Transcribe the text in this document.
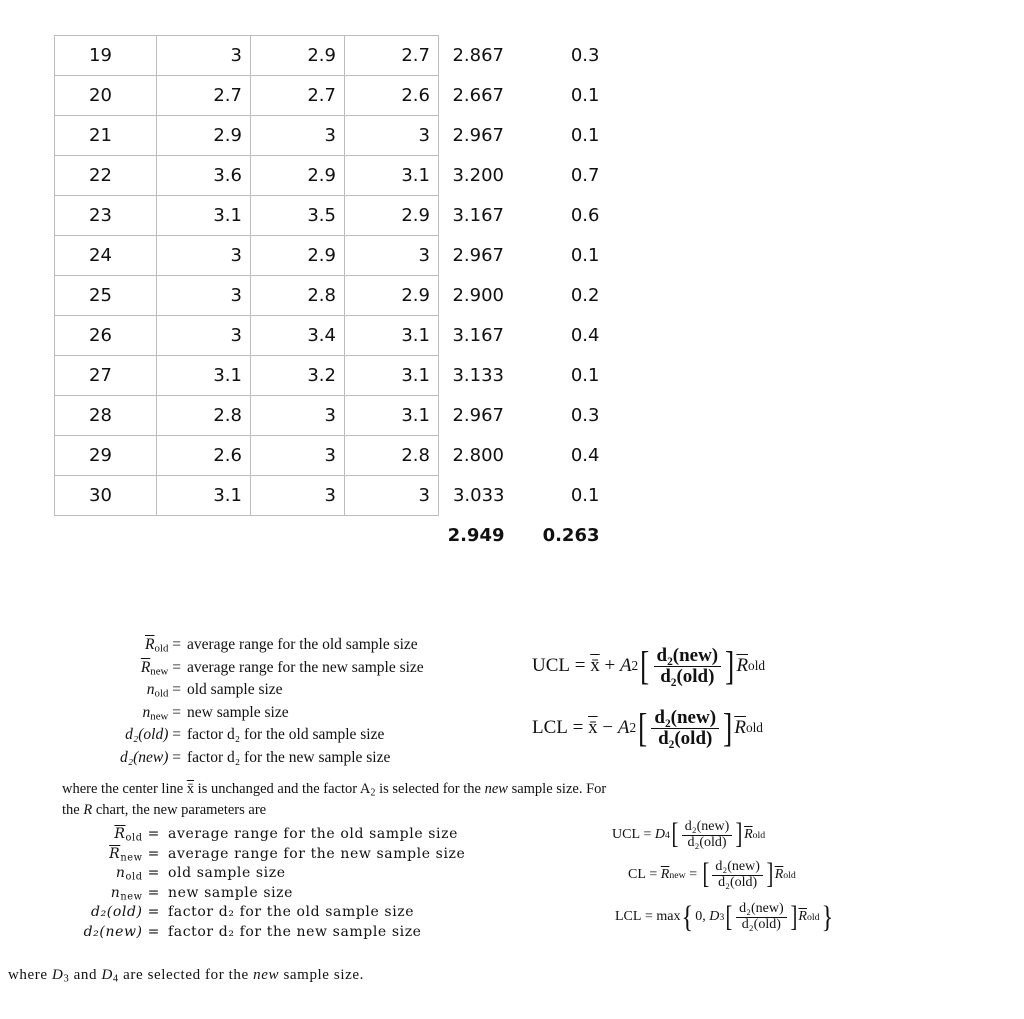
19	3	2.9	2.7	2.867	0.3
20	2.7	2.7	2.6	2.667	0.1
21	2.9	3	3	2.967	0.1
22	3.6	2.9	3.1	3.200	0.7
23	3.1	3.5	2.9	3.167	0.6
24	3	2.9	3	2.967	0.1
25	3	2.8	2.9	2.900	0.2
26	3	3.4	3.1	3.167	0.4
27	3.1	3.2	3.1	3.133	0.1
28	2.8	3	3.1	2.967	0.3
29	2.6	3	2.8	2.800	0.4
30	3.1	3	3	3.033	0.1
				2.949	0.263
$\overline{R}_{old}$ = average range for the old sample size
$\overline{R}_{new}$ = average range for the new sample size
$n_{old}$ = old sample size
$n_{new}$ = new sample size
d₂(old) = factor d₂ for the old sample size
d₂(new) = factor d₂ for the new sample size
UCL = x̄
+
A 2 [ $\frac{\text{d₂(new)}}{\text{d₂(old)}}$ ] $\overline{R}$ old
LCL = x̄
−
A 2 [ $\frac{\text{d₂(new)}}{\text{d₂(old)}}$ ] $\overline{R}$ old
where the center line x̄ is unchanged and the factor $A_2$ is selected for the new sample size. For
the R chart, the new parameters are
$\overline{R}_{old}$ = average range for the old sample size
$\overline{R}_{new}$ = average range for the new sample size
$n_{old}$ = old sample size
$n_{new}$ = new sample size
d₂(old) = factor d₂ for the old sample size
d₂(new) = factor d₂ for the new sample size
UCL = D 4 [ $\frac{\text{d₂(new)}}{\text{d₂(old)}}$ ] $\overline{R}$ old
CL = $\overline{R}$ new = [ $\frac{\text{d₂(new)}}{\text{d₂(old)}}$ ] $\overline{R}$ old
LCL = max { 0,
D 3 [ $\frac{\text{d₂(new)}}{\text{d₂(old)}}$ ] $\overline{R}$ old }
where $D_3$ and $D_4$ are selected for the new sample size.
